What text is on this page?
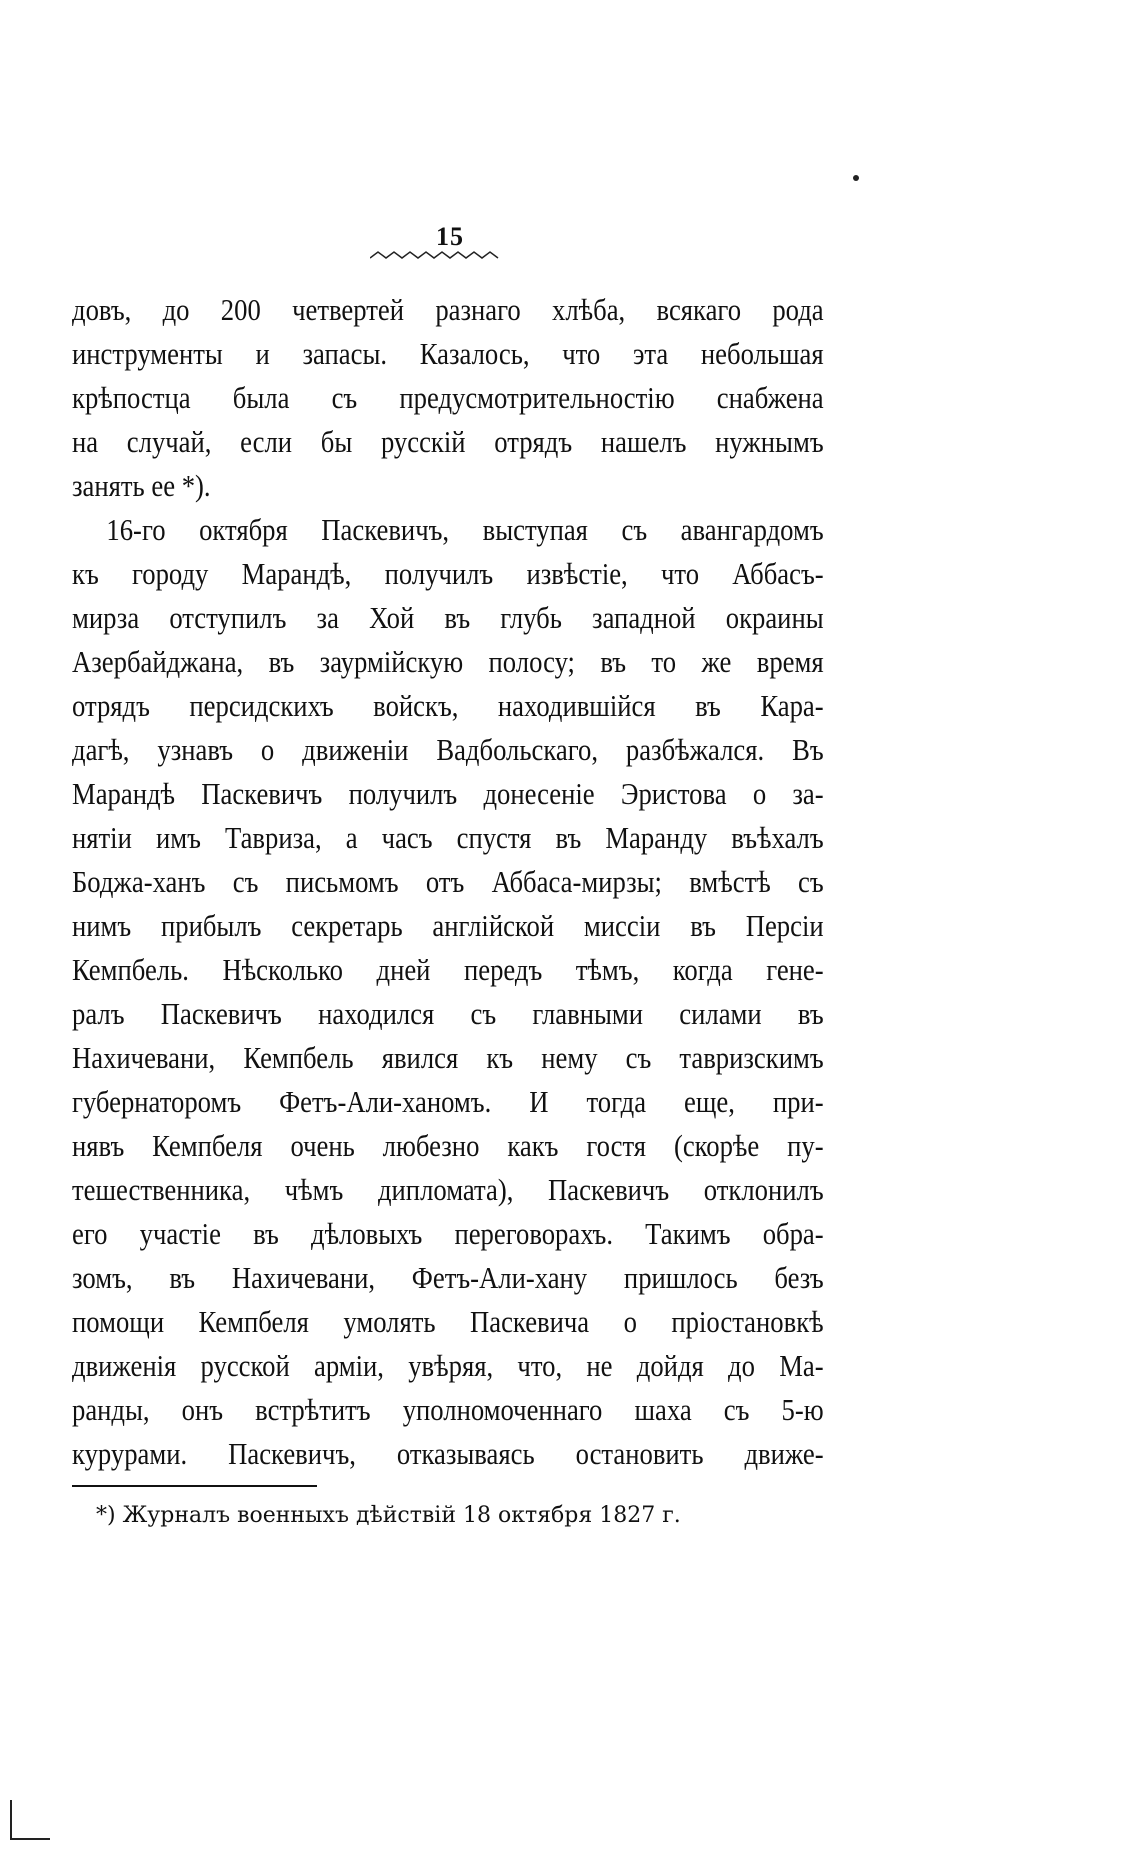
15
довъ, до 200 четвертей разнаго хлѣба, всякаго рода
инструменты и запасы. Казалось, что эта небольшая
крѣпостца была съ предусмотрительностію снабжена
на случай, если бы русскій отрядъ нашелъ нужнымъ
занять ее *).
16-го октября Паскевичъ, выступая съ авангардомъ
къ городу Марандѣ, получилъ извѣстіе, что Аббасъ-
мирза отступилъ за Хой въ глубь западной окраины
Азербайджана, въ заурмійскую полосу; въ то же время
отрядъ персидскихъ войскъ, находившійся въ Кара-
дагѣ, узнавъ о движеніи Вадбольскаго, разбѣжался. Въ
Марандѣ Паскевичъ получилъ донесеніе Эристова о за-
нятіи имъ Тавриза, а часъ спустя въ Маранду въѣхалъ
Боджа-ханъ съ письмомъ отъ Аббаса-мирзы; вмѣстѣ съ
нимъ прибылъ секретарь англійской миссіи въ Персіи
Кемпбель. Нѣсколько дней передъ тѣмъ, когда гене-
ралъ Паскевичъ находился съ главными силами въ
Нахичевани, Кемпбель явился къ нему съ тавризскимъ
губернаторомъ Фетъ-Али-ханомъ. И тогда еще, при-
нявъ Кемпбеля очень любезно какъ гостя (скорѣе пу-
тешественника, чѣмъ дипломата), Паскевичъ отклонилъ
его участіе въ дѣловыхъ переговорахъ. Такимъ обра-
зомъ, въ Нахичевани, Фетъ-Али-хану пришлось безъ
помощи Кемпбеля умолять Паскевича о пріостановкѣ
движенія русской арміи, увѣряя, что, не дойдя до Ма-
ранды, онъ встрѣтитъ уполномоченнаго шаха съ 5-ю
курурами. Паскевичъ, отказываясь остановить движе-
*) Журналъ военныхъ дѣйствій 18 октября 1827 г.
